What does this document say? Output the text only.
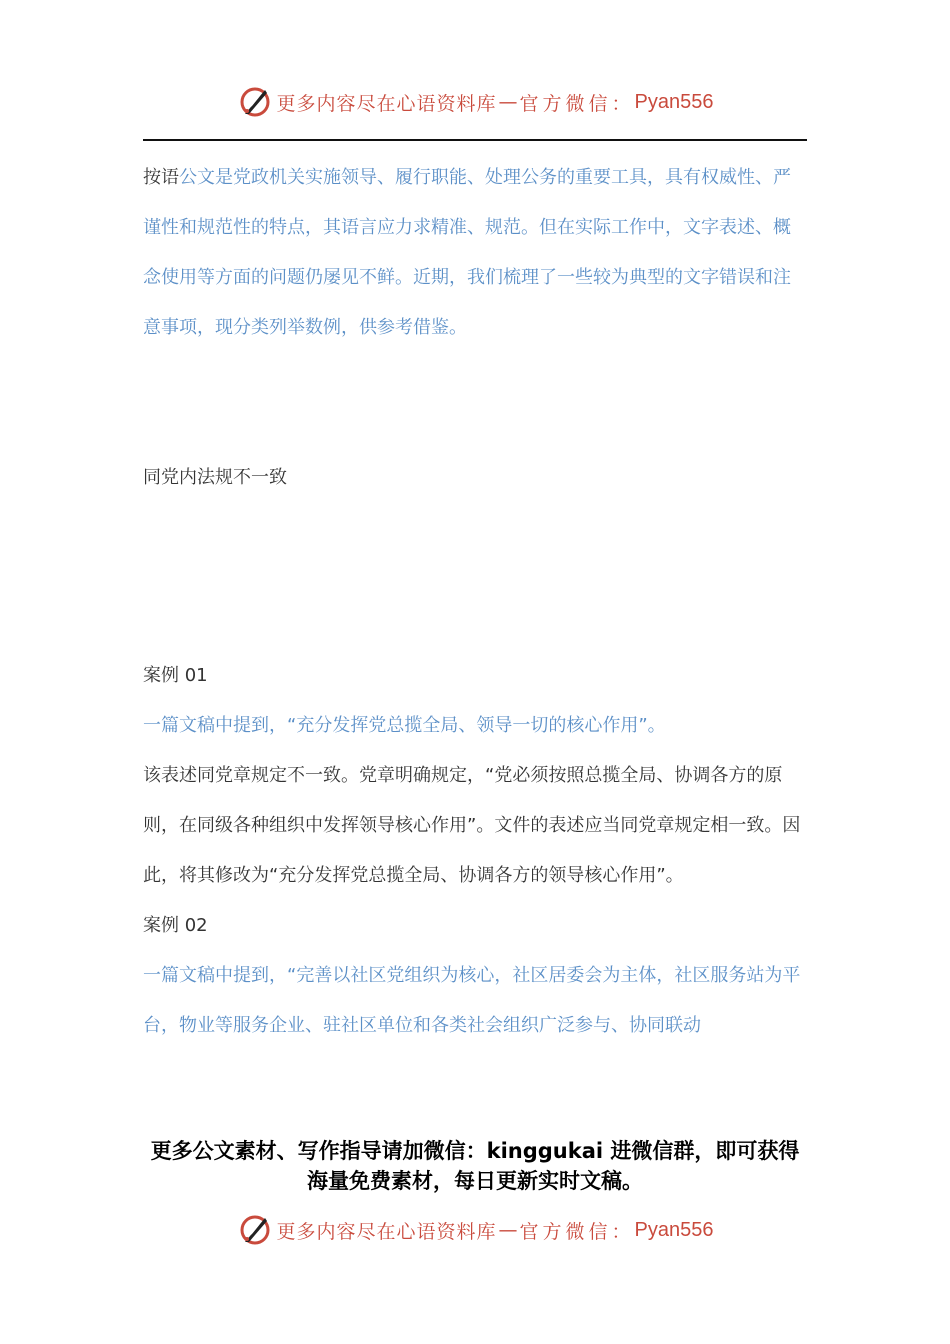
更多内容尽在心语资料库 — 官方微信： Pyan556

按语公文是党政机关实施领导、履行职能、处理公务的重要工具，具有权威性、严谨性和规范性的特点，其语言应力求精准、规范。但在实际工作中，文字表述、概念使用等方面的问题仍屡见不鲜。近期，我们梳理了一些较为典型的文字错误和注意事项，现分类列举数例，供参考借鉴。

同党内法规不一致

案例 01

一篇文稿中提到，“充分发挥党总揽全局、领导一切的核心作用”。

该表述同党章规定不一致。党章明确规定，“党必须按照总揽全局、协调各方的原则，在同级各种组织中发挥领导核心作用”。文件的表述应当同党章规定相一致。因此，将其修改为“充分发挥党总揽全局、协调各方的领导核心作用”。

案例 02

一篇文稿中提到，“完善以社区党组织为核心，社区居委会为主体，社区服务站为平台，物业等服务企业、驻社区单位和各类社会组织广泛参与、协同联动

更多公文素材、写作指导请加微信：kinggukai 进微信群，即可获得海量免费素材，每日更新实时文稿。
更多内容尽在心语资料库 — 官方微信： Pyan556
